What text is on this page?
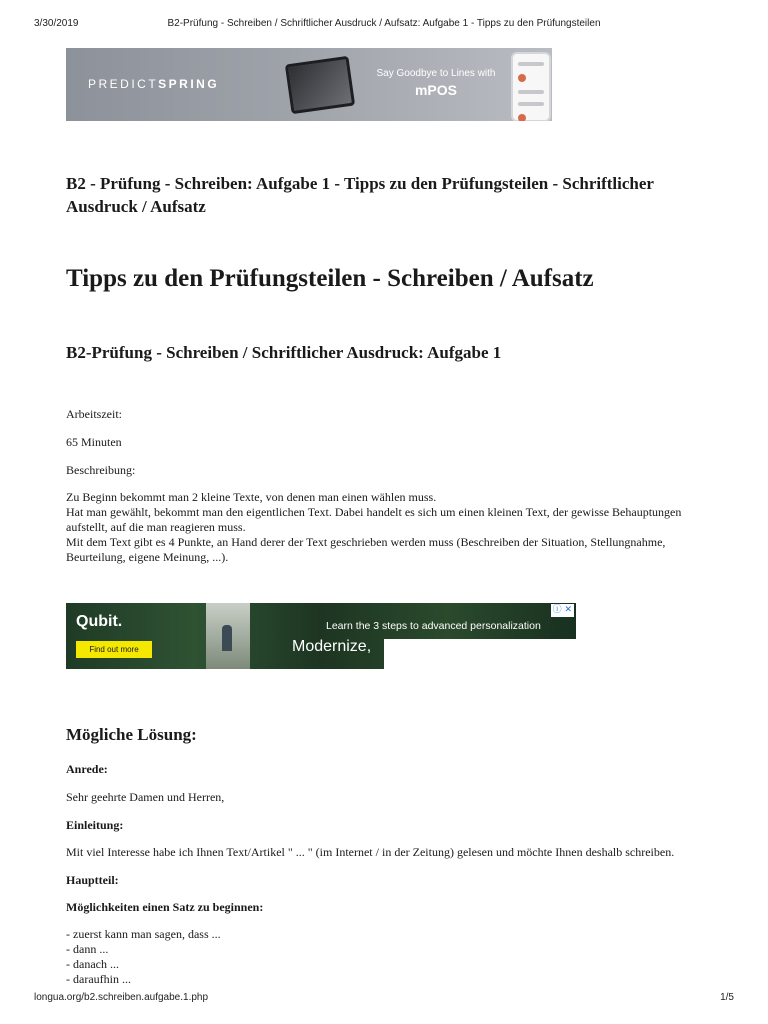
3/30/2019	B2-Prüfung - Schreiben / Schriftlicher Ausdruck / Aufsatz: Aufgabe 1 - Tipps zu den Prüfungsteilen
PREDICTSPRING
Say Goodbye to Lines with
mPOS
B2 - Prüfung - Schreiben: Aufgabe 1 - Tipps zu den Prüfungsteilen - Schriftlicher Ausdruck / Aufsatz
Tipps zu den Prüfungsteilen - Schreiben / Aufsatz
B2-Prüfung - Schreiben / Schriftlicher Ausdruck: Aufgabe 1

Arbeitszeit:

65 Minuten

Beschreibung:

Zu Beginn bekommt man 2 kleine Texte, von denen man einen wählen muss.
Hat man gewählt, bekommt man den eigentlichen Text. Dabei handelt es sich um einen kleinen Text, der gewisse Behauptungen
aufstellt, auf die man reagieren muss.
Mit dem Text gibt es 4 Punkte, an Hand derer der Text geschrieben werden muss (Beschreiben der Situation, Stellungnahme,
Beurteilung, eigene Meinung, ...).
Mögliche Lösung:

Anrede:

Sehr geehrte Damen und Herren,

Einleitung:

Mit viel Interesse habe ich Ihnen Text/Artikel " ... " (im Internet / in der Zeitung) gelesen und möchte Ihnen deshalb schreiben.

Hauptteil:

Möglichkeiten einen Satz zu beginnen:

- zuerst kann man sagen, dass ...
- dann ...
- danach ...
- daraufhin ...
Qubit.
Find out more
Learn the 3 steps to advanced personalization
Modernize,
ⓘ ✕
longua.org/b2.schreiben.aufgabe.1.php	1/5
